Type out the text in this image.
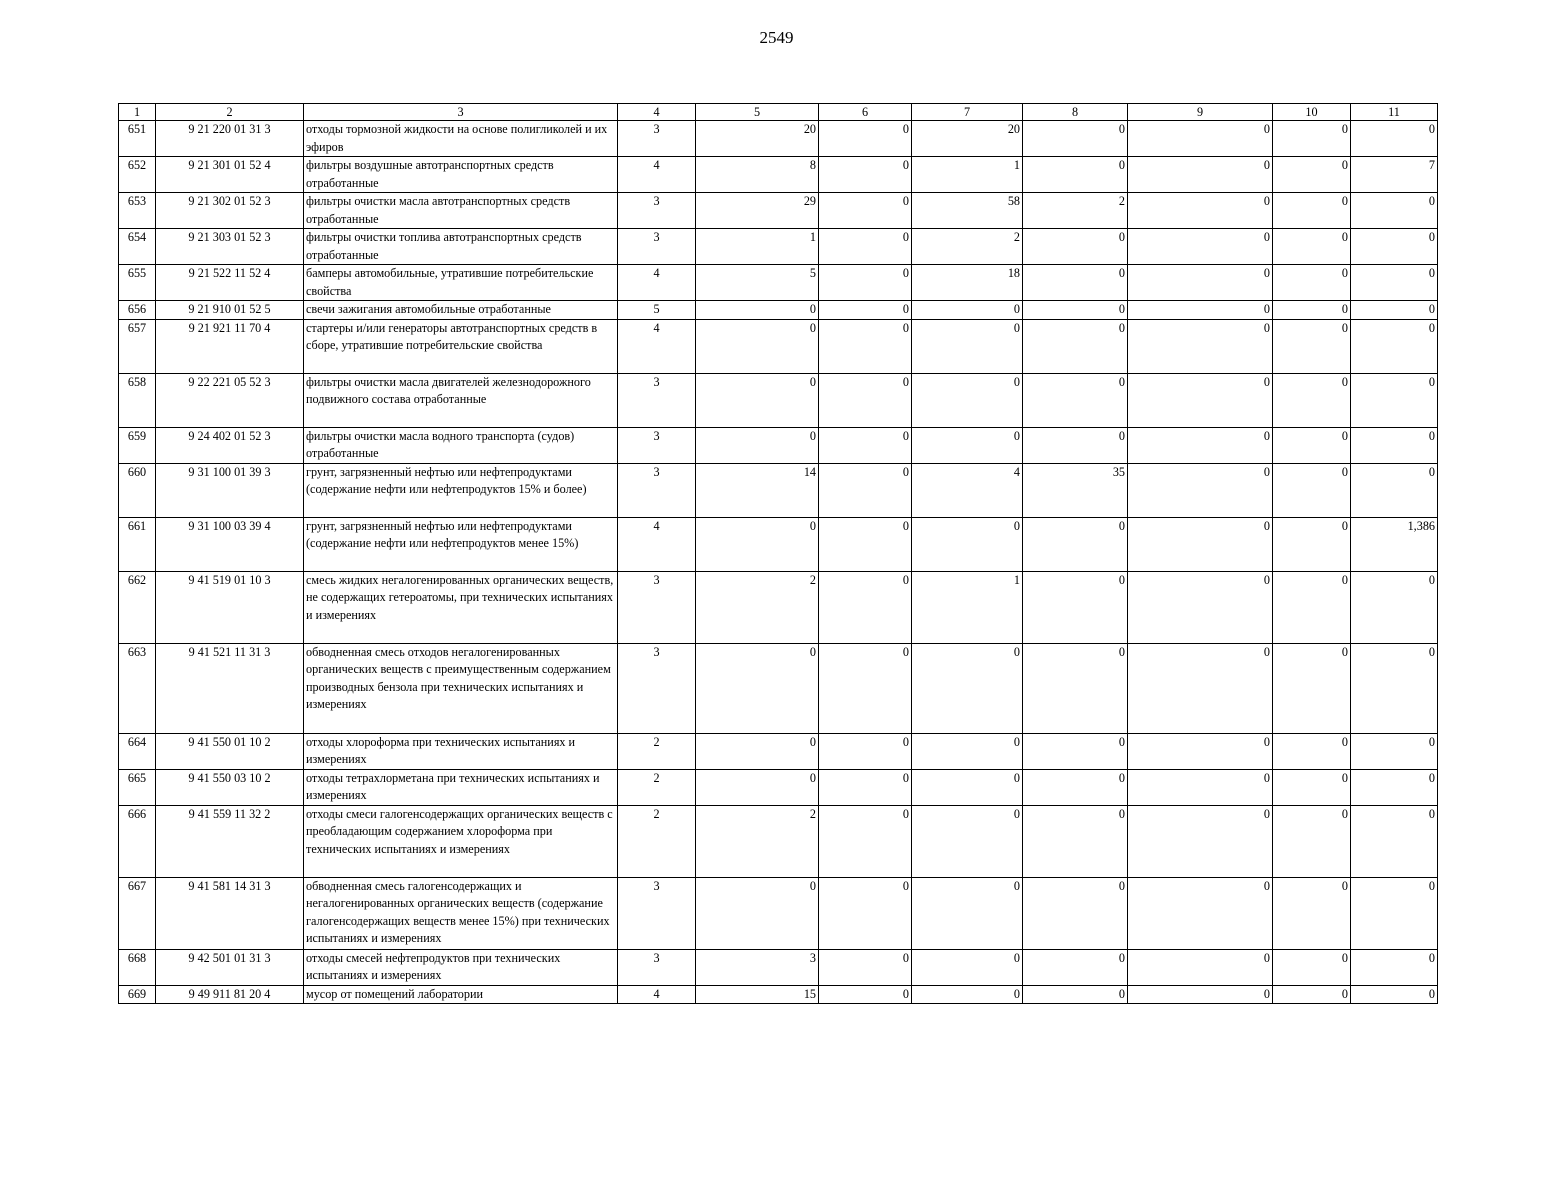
2549
1	2	3	4	5	6	7	8	9	10	11
651	9 21 220 01 31 3	отходы тормозной жидкости на основе полигликолей и их эфиров	3	20	0	20	0	0	0	0
652	9 21 301 01 52 4	фильтры воздушные автотранспортных средств отработанные	4	8	0	1	0	0	0	7
653	9 21 302 01 52 3	фильтры очистки масла автотранспортных средств отработанные	3	29	0	58	2	0	0	0
654	9 21 303 01 52 3	фильтры очистки топлива автотранспортных средств отработанные	3	1	0	2	0	0	0	0
655	9 21 522 11 52 4	бамперы автомобильные, утратившие потребительские свойства	4	5	0	18	0	0	0	0
656	9 21 910 01 52 5	свечи зажигания автомобильные отработанные	5	0	0	0	0	0	0	0
657	9 21 921 11 70 4	стартеры и/или генераторы автотранспортных средств в сборе, утратившие потребительские свойства	4	0	0	0	0	0	0	0
658	9 22 221 05 52 3	фильтры очистки масла двигателей железнодорожного подвижного состава отработанные	3	0	0	0	0	0	0	0
659	9 24 402 01 52 3	фильтры очистки масла водного транспорта (судов) отработанные	3	0	0	0	0	0	0	0
660	9 31 100 01 39 3	грунт, загрязненный нефтью или нефтепродуктами (содержание нефти или нефтепродуктов 15% и более)	3	14	0	4	35	0	0	0
661	9 31 100 03 39 4	грунт, загрязненный нефтью или нефтепродуктами (содержание нефти или нефтепродуктов менее 15%)	4	0	0	0	0	0	0	1,386
662	9 41 519 01 10 3	смесь жидких негалогенированных органических веществ, не содержащих гетероатомы, при технических испытаниях и измерениях	3	2	0	1	0	0	0	0
663	9 41 521 11 31 3	обводненная смесь отходов негалогенированных органических веществ с преимущественным содержанием производных бензола при технических испытаниях и измерениях	3	0	0	0	0	0	0	0
664	9 41 550 01 10 2	отходы хлороформа при технических испытаниях и измерениях	2	0	0	0	0	0	0	0
665	9 41 550 03 10 2	отходы тетрахлорметана при технических испытаниях и измерениях	2	0	0	0	0	0	0	0
666	9 41 559 11 32 2	отходы смеси галогенсодержащих органических веществ с преобладающим содержанием хлороформа при технических испытаниях и измерениях	2	2	0	0	0	0	0	0
667	9 41 581 14 31 3	обводненная смесь галогенсодержащих и негалогенированных органических веществ (содержание галогенсодержащих веществ менее 15%) при технических испытаниях и измерениях	3	0	0	0	0	0	0	0
668	9 42 501 01 31 3	отходы смесей нефтепродуктов при технических испытаниях и измерениях	3	3	0	0	0	0	0	0
669	9 49 911 81 20 4	мусор от помещений лаборатории	4	15	0	0	0	0	0	0
